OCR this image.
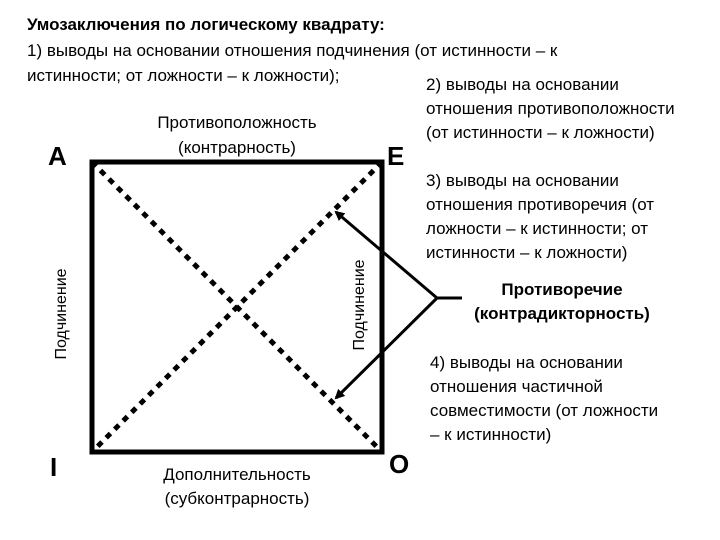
Умозаключения по логическому квадрату:
1) выводы на основании отношения подчинения (от истинности – к
истинности; от ложности – к ложности);	2) выводы на основании
отношения противоположности
(от истинности – к ложности)
3) выводы на основании
отношения противоречия (от
ложности – к истинности; от
истинности – к ложности)
4) выводы на основании
отношения частичной
совместимости (от ложности
– к истинности)
A	E
I	O
Противоположность
(контрарность)
Дополнительность
(субконтрарность)
Подчинение	Подчинение	Противоречие
(контрадикторность)
